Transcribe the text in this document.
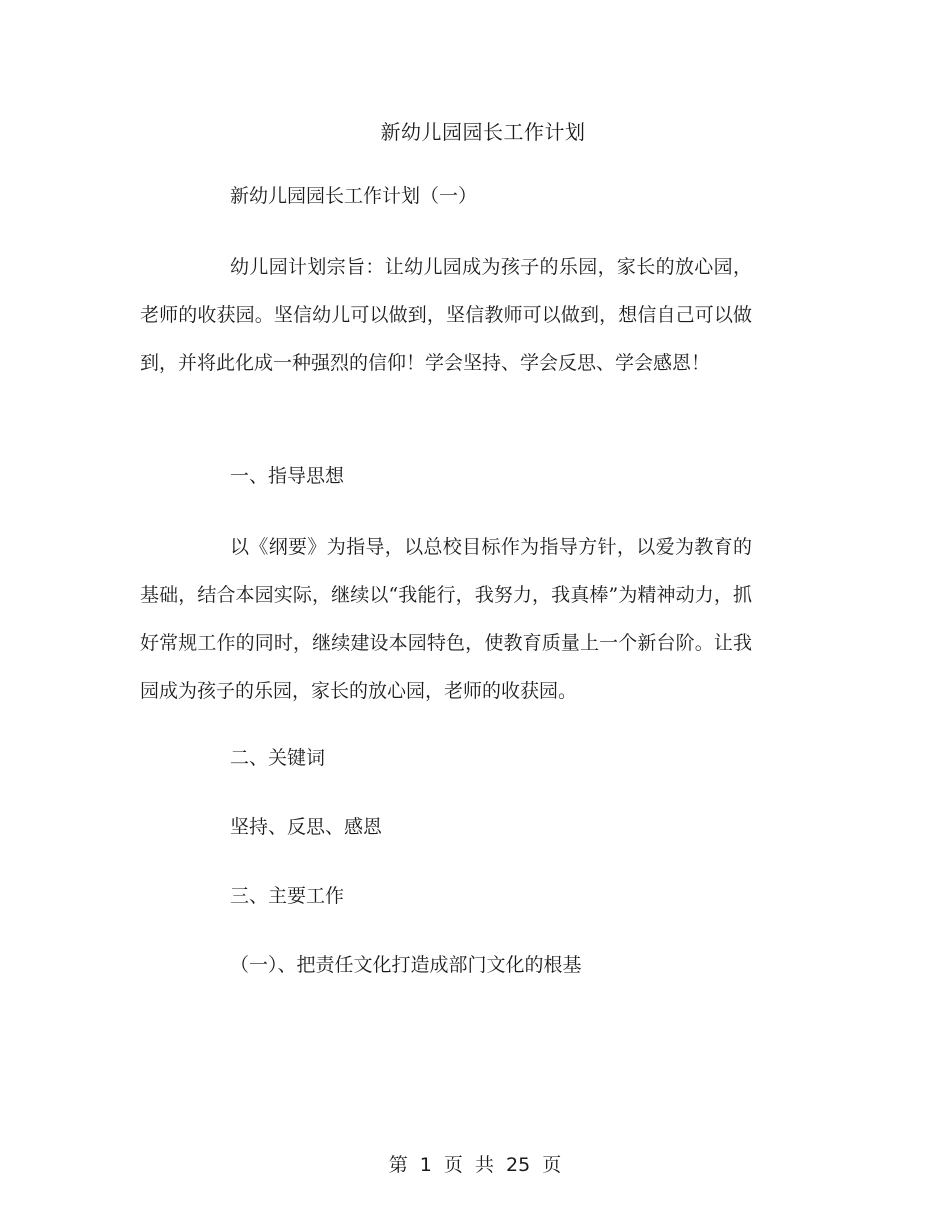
新幼儿园园长工作计划
新幼儿园园长工作计划（一）
幼儿园计划宗旨：让幼儿园成为孩子的乐园，家长的放心园，老师的收获园。坚信幼儿可以做到，坚信教师可以做到，想信自己可以做到，并将此化成一种强烈的信仰！学会坚持、学会反思、学会感恩！
一、指导思想
以《纲要》为指导，以总校目标作为指导方针，以爱为教育的基础，结合本园实际，继续以“我能行，我努力，我真棒”为精神动力，抓好常规工作的同时，继续建设本园特色，使教育质量上一个新台阶。让我园成为孩子的乐园，家长的放心园，老师的收获园。
二、关键词
坚持、反思、感恩
三、主要工作
（一）、把责任文化打造成部门文化的根基
第 1 页 共 25 页
